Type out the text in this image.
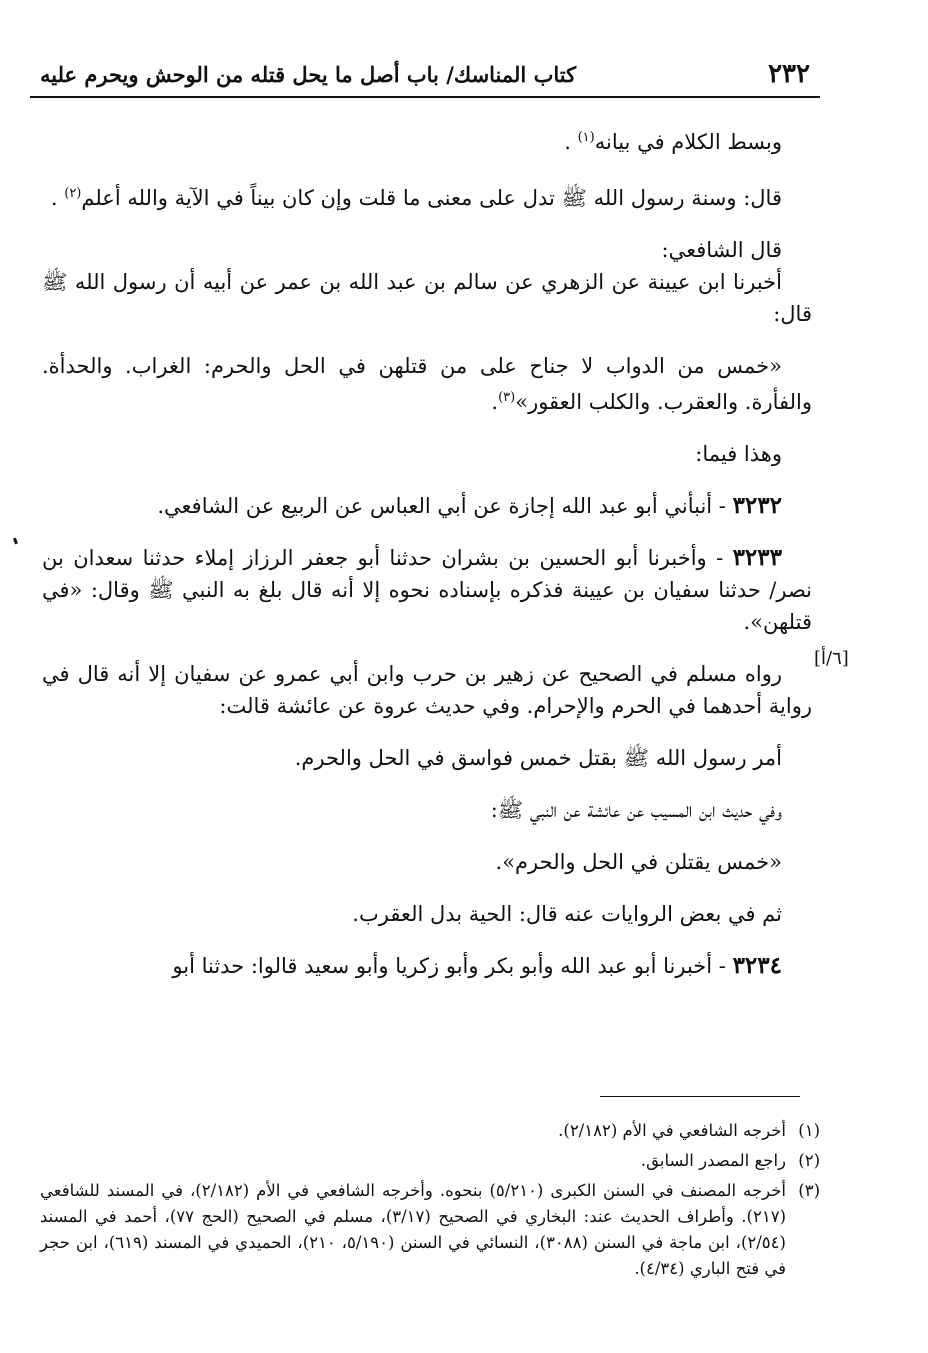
٢٣٢
كتاب المناسك/ باب أصل ما يحل قتله من الوحش ويحرم عليه
[٦/أ]

وبسط الكلام في بيانه$^{(١)}$ .

قال: وسنة رسول الله ﷺ تدل على معنى ما قلت وإن كان بيناً في الآية والله أعلم$^{(٢)}$ .

قال الشافعي:

أخبرنا ابن عيينة عن الزهري عن سالم بن عبد الله بن عمر عن أبيه أن رسول الله ﷺ قال:

«خمس من الدواب لا جناح على من قتلهن في الحل والحرم: الغراب. والحدأة. والفأرة. والعقرب. والكلب العقور»$^{(٣)}$.

وهذا فيما:

٣٢٣٢ - أنبأني أبو عبد الله إجازة عن أبي العباس عن الربيع عن الشافعي.

٣٢٣٣ - وأخبرنا أبو الحسين بن بشران حدثنا أبو جعفر الرزاز إملاء حدثنا سعدان بن نصر/ حدثنا سفيان بن عيينة فذكره بإسناده نحوه إلا أنه قال بلغ به النبي ﷺ وقال: «في قتلهن».

رواه مسلم في الصحيح عن زهير بن حرب وابن أبي عمرو عن سفيان إلا أنه قال في رواية أحدهما في الحرم والإحرام. وفي حديث عروة عن عائشة قالت:

أمر رسول الله ﷺ بقتل خمس فواسق في الحل والحرم.

وفي حديث ابن المسيب عن عائشة عن النبي ﷺ:

«خمس يقتلن في الحل والحرم».

ثم في بعض الروايات عنه قال: الحية بدل العقرب.

٣٢٣٤ - أخبرنا أبو عبد الله وأبو بكر وأبو زكريا وأبو سعيد قالوا: حدثنا أبو

(١)
أخرجه الشافعي في الأم (٢/١٨٢).
(٢)
راجع المصدر السابق.
(٣)
أخرجه المصنف في السنن الكبرى (٥/٢١٠) بنحوه. وأخرجه الشافعي في الأم (٢/١٨٢)، في المسند للشافعي (٢١٧). وأطراف الحديث عند: البخاري في الصحيح (٣/١٧)، مسلم في الصحيح (الحج ٧٧)، أحمد في المسند (٢/٥٤)، ابن ماجة في السنن (٣٠٨٨)، النسائي في السنن (٥/١٩٠، ٢١٠)، الحميدي في المسند (٦١٩)، ابن حجر في فتح الباري (٤/٣٤).
